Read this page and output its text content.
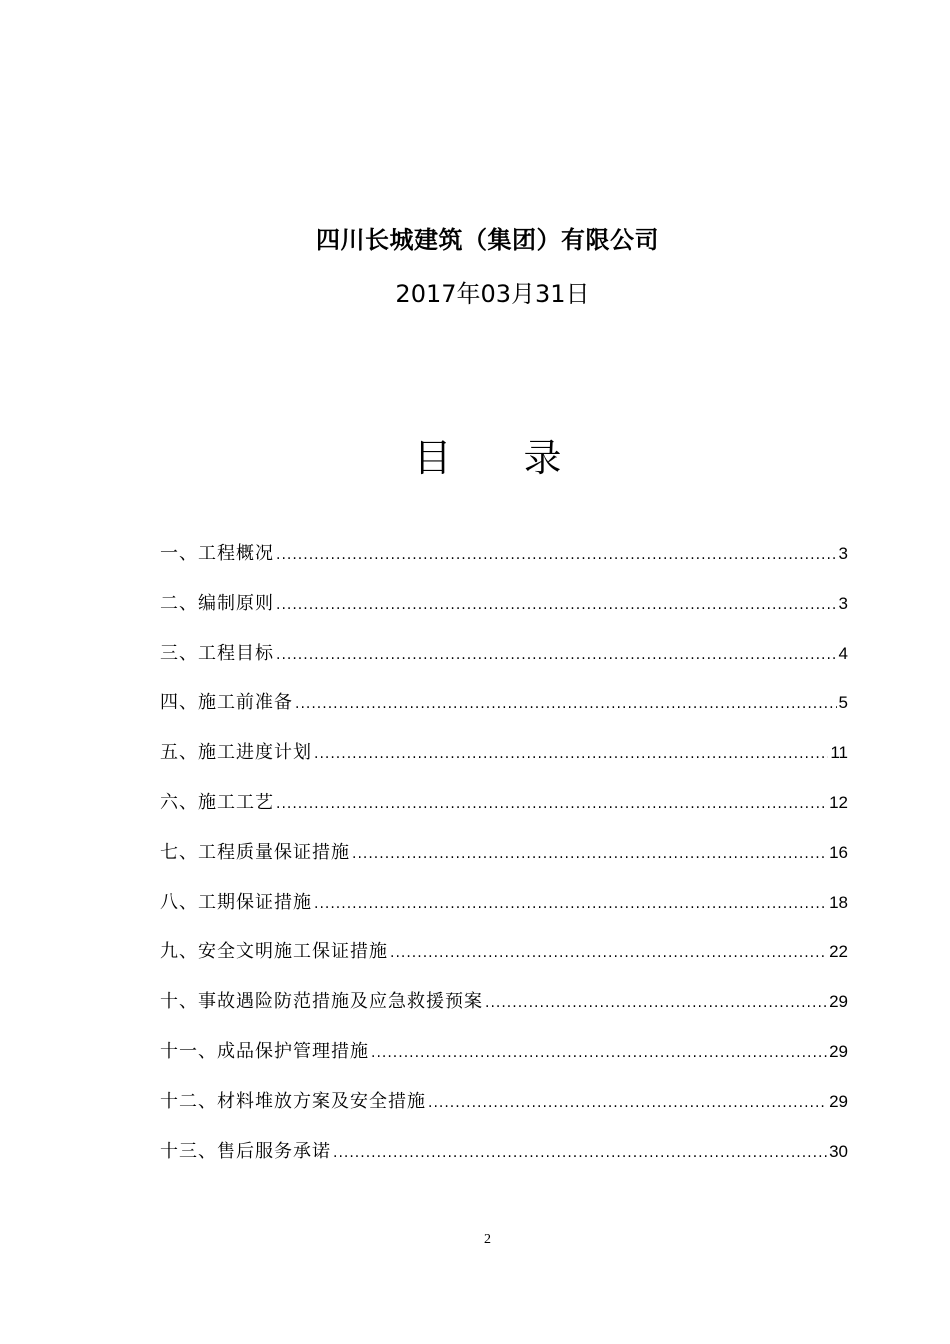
四川长城建筑（集团）有限公司
2017年03月31日
目 录
一、工程概况 .....	3
二、编制原则 .....	3
三、工程目标 .....	4
四、施工前准备 .....	5
五、施工进度计划 .....	11
六、施工工艺 .....	12
七、工程质量保证措施 .....	16
八、工期保证措施 .....	18
九、安全文明施工保证措施 .....	22
十、事故遇险防范措施及应急救援预案 .....	29
十一、成品保护管理措施 .....	29
十二、材料堆放方案及安全措施 .....	29
十三、售后服务承诺 .....	30
2
